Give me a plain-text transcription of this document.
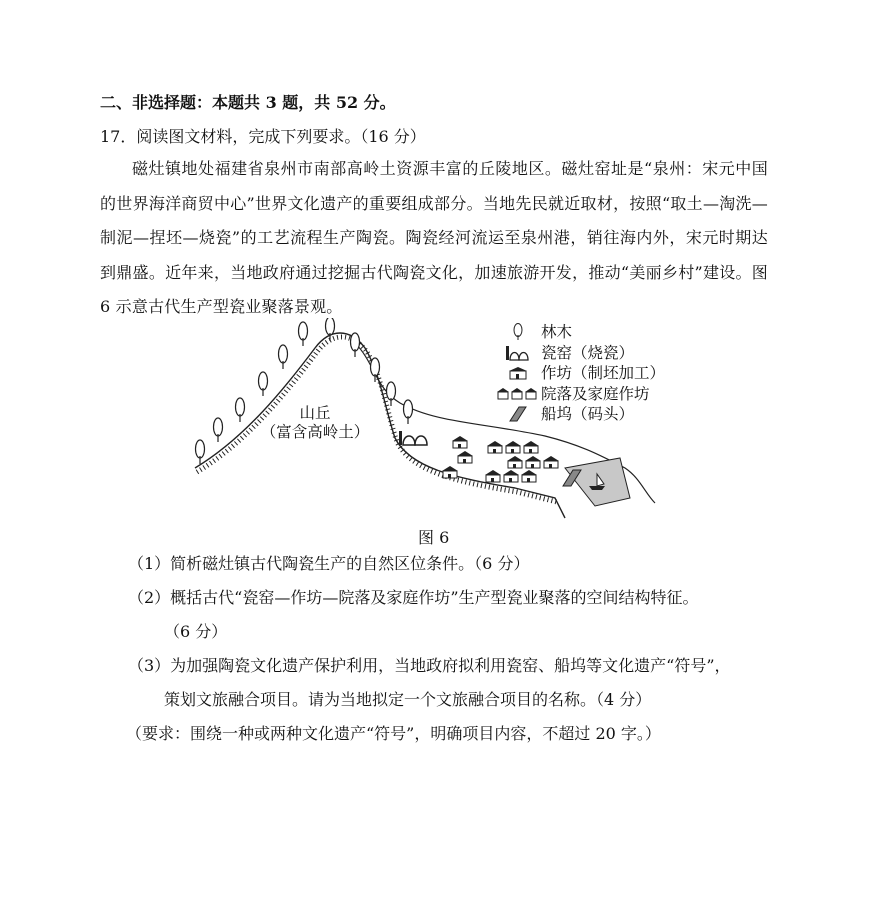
二、非选择题：本题共 3 题，共 52 分。
17．阅读图文材料，完成下列要求。（16 分）
磁灶镇地处福建省泉州市南部高岭土资源丰富的丘陵地区。磁灶窑址是“泉州：宋元中国的世界海洋商贸中心”世界文化遗产的重要组成部分。当地先民就近取材，按照“取土—淘洗—制泥—捏坯—烧瓷”的工艺流程生产陶瓷。陶瓷经河流运至泉州港，销往海内外，宋元时期达到鼎盛。近年来，当地政府通过挖掘古代陶瓷文化，加速旅游开发，推动“美丽乡村”建设。图 6 示意古代生产型瓷业聚落景观。
山丘
（富含高岭土）
林木
瓷窑（烧瓷）
作坊（制坯加工）
院落及家庭作坊
船坞（码头）
图 6
（1）简析磁灶镇古代陶瓷生产的自然区位条件。（6 分）
（2）概括古代“瓷窑—作坊—院落及家庭作坊”生产型瓷业聚落的空间结构特征。
（6 分）
（3）为加强陶瓷文化遗产保护利用，当地政府拟利用瓷窑、船坞等文化遗产“符号”，
策划文旅融合项目。请为当地拟定一个文旅融合项目的名称。（4 分）
（要求：围绕一种或两种文化遗产“符号”，明确项目内容，不超过 20 字。）
